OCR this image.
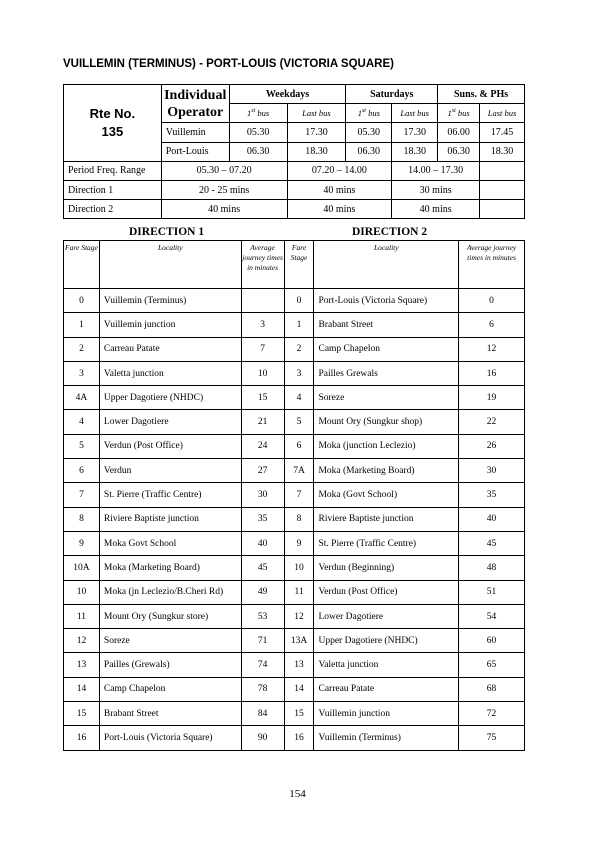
VUILLEMIN (TERMINUS) - PORT-LOUIS (VICTORIA SQUARE)
Rte No.
135	Individual
Operator	Weekdays		Saturdays		Suns. & PHs	
		1st bus	Last bus	1st bus	Last bus	1st bus	Last bus
	Vuillemin	05.30	17.30	05.30	17.30	06.00	17.45
	Port-Louis	06.30	18.30	06.30	18.30	06.30	18.30
Period Freq. Range	05.30 – 07.20		07.20 – 14.00		14.00 – 17.30		
Direction 1	20 - 25 mins		40 mins		30 mins		
Direction 2	40 mins		40 mins		40 mins		
DIRECTION 1	DIRECTION 2
Fare Stage	Locality	Average journey times in minutes	Fare Stage	Locality	Average journey times in minutes
0	Vuillemin (Terminus)		0	Port-Louis (Victoria Square)	0
1	Vuillemin junction	3	1	Brabant Street	6
2	Carreau Patate	7	2	Camp Chapelon	12
3	Valetta junction	10	3	Pailles Grewals	16
4A	Upper Dagotiere (NHDC)	15	4	Soreze	19
4	Lower Dagotiere	21	5	Mount Ory (Sungkur shop)	22
5	Verdun (Post Office)	24	6	Moka (junction Leclezio)	26
6	Verdun	27	7A	Moka (Marketing Board)	30
7	St. Pierre (Traffic Centre)	30	7	Moka (Govt School)	35
8	Riviere Baptiste junction	35	8	Riviere Baptiste junction	40
9	Moka Govt School	40	9	St. Pierre (Traffic Centre)	45
10A	Moka (Marketing Board)	45	10	Verdun (Beginning)	48
10	Moka (jn Leclezio/B.Cheri Rd)	49	11	Verdun (Post Office)	51
11	Mount Ory (Sungkur store)	53	12	Lower Dagotiere	54
12	Soreze	71	13A	Upper Dagotiere (NHDC)	60
13	Pailles (Grewals)	74	13	Valetta junction	65
14	Camp Chapelon	78	14	Carreau Patate	68
15	Brabant Street	84	15	Vuillemin junction	72
16	Port-Louis (Victoria Square)	90	16	Vuillemin (Terminus)	75
154
